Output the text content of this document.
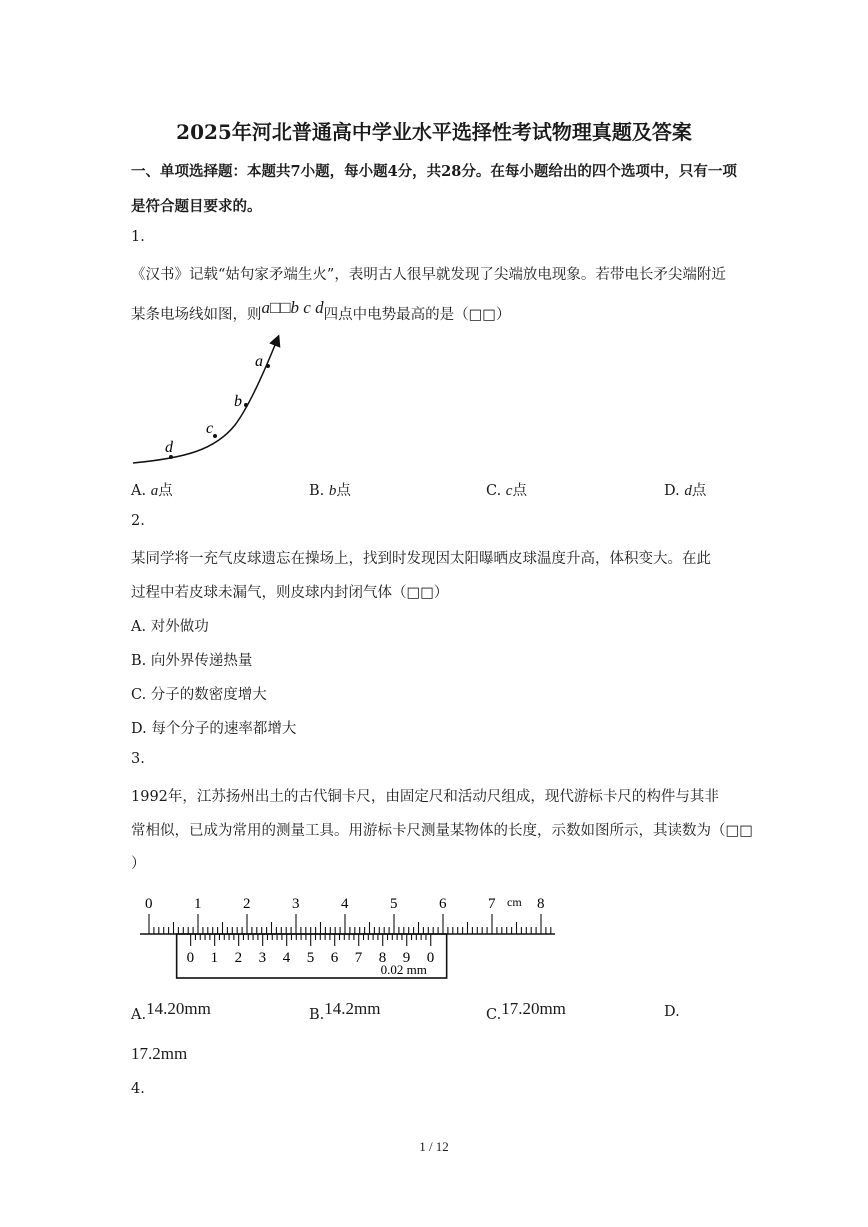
2025年河北普通高中学业水平选择性考试物理真题及答案
一、单项选择题：本题共7小题，每小题4分，共28分。在每小题给出的四个选项中，只有一项
是符合题目要求的。
1.
《汉书》记载“姑句家矛端生火”，表明古人很早就发现了尖端放电现象。若带电长矛尖端附近
某条电场线如图，则a□□b c d四点中电势最高的是（□□）
a
b
c
d
A. a点	B. b点	C. c点	D. d点
2.
某同学将一充气皮球遗忘在操场上，找到时发现因太阳曝晒皮球温度升高，体积变大。在此
过程中若皮球未漏气，则皮球内封闭气体（□□）
A. 对外做功
B. 向外界传递热量
C. 分子的数密度增大
D. 每个分子的速率都增大
3.
1992年，江苏扬州出土的古代铜卡尺，由固定尺和活动尺组成，现代游标卡尺的构件与其非
常相似，已成为常用的测量工具。用游标卡尺测量某物体的长度，示数如图所示，其读数为（□□
）
0	1	2	3	4	5	6	7	8
cm
0 1 2 3 4 5 6 7 8 9 0
0.02 mm
A.14.20mm	B.14.2mm	C.17.20mm	D.
17.2mm
4.
1 / 12
